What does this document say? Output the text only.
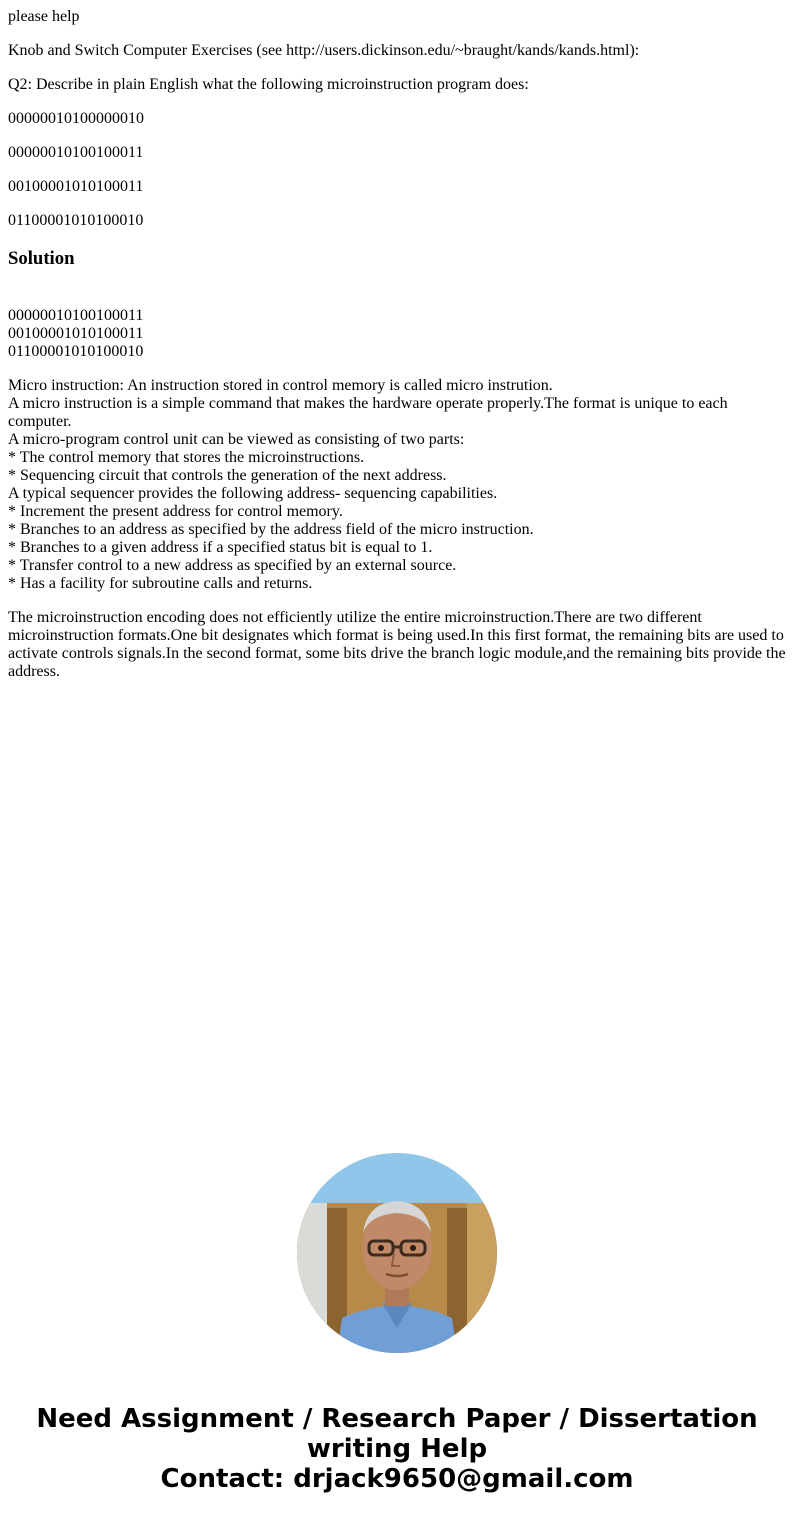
please help

Knob and Switch Computer Exercises (see http://users.dickinson.edu/~braught/kands/kands.html):

Q2: Describe in plain English what the following microinstruction program does:

00000010100000010

00000010100100011

00100001010100011

01100001010100010

Solution
00000010100100011
00100001010100011
01100001010100010

Micro instruction: An instruction stored in control memory is called micro instrution.
A micro instruction is a simple command that makes the hardware operate properly.The format is unique to each computer.
A micro-program control unit can be viewed as consisting of two parts:
* The control memory that stores the microinstructions.
* Sequencing circuit that controls the generation of the next address.
A typical sequencer provides the following address- sequencing capabilities.
* Increment the present address for control memory.
* Branches to an address as specified by the address field of the micro instruction.
* Branches to a given address if a specified status bit is equal to 1.
* Transfer control to a new address as specified by an external source.
* Has a facility for subroutine calls and returns.

The microinstruction encoding does not efficiently utilize the entire microinstruction.There are two different microinstruction formats.One bit designates which format is being used.In this first format, the remaining bits are used to activate controls signals.In the second format, some bits drive the branch logic module,and the remaining bits provide the address.

Need Assignment / Research Paper / Dissertation
writing Help
Contact: drjack9650@gmail.com
